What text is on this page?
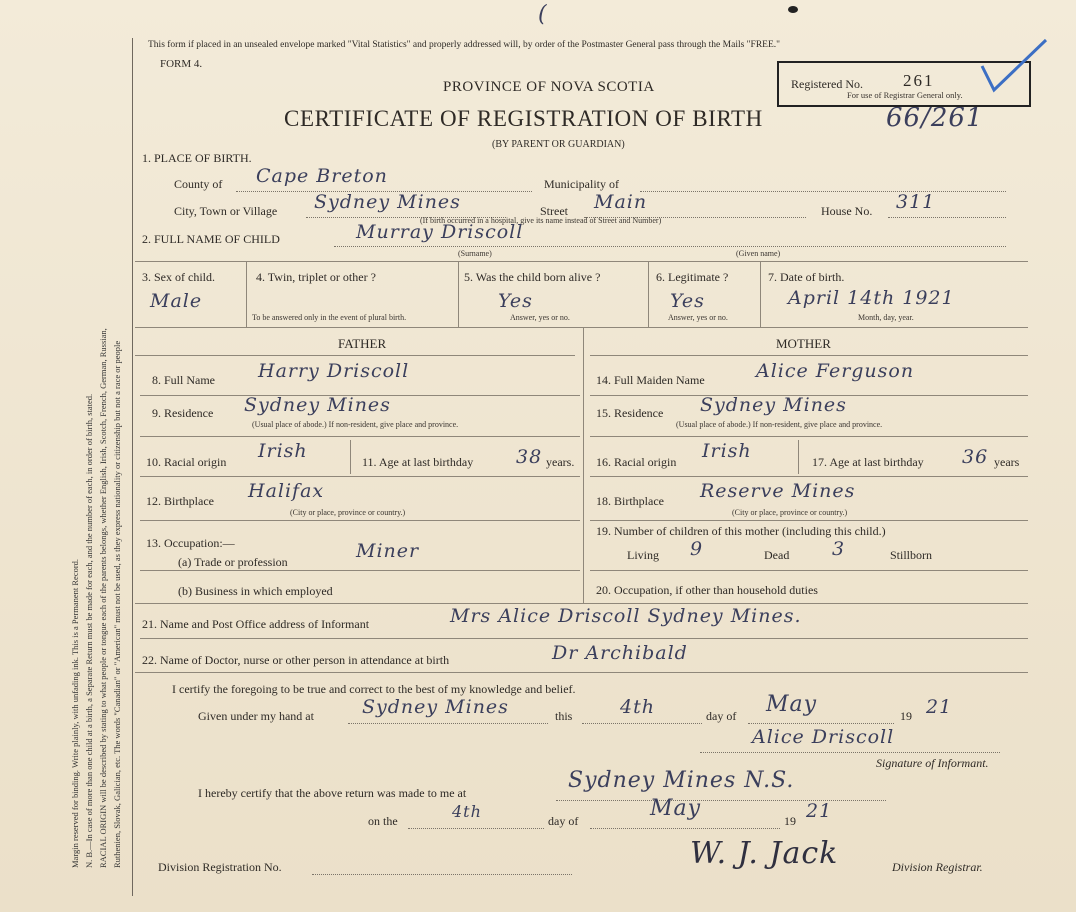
Margin reserved for binding. Write plainly, with unfading ink. This is a Permanent Record. N. B.—In case of more than one child at a birth, a Separate Return must be made for each, and the number of each, in order of birth, stated. RACIAL ORIGIN will be described by stating to what people or tongue each of the parents belongs, whether English, Irish, Scotch, French, German, Russian, Ruthenien, Slovak, Galician, etc. The words "Canadian" or "American" must not be used, as they express nationality or citizenship but not a race or people
(
This form if placed in an unsealed envelope marked "Vital Statistics" and properly addressed will, by order of the Postmaster General pass through the Mails "FREE."
FORM 4.
PROVINCE OF NOVA SCOTIA
CERTIFICATE OF REGISTRATION OF BIRTH
(BY PARENT OR GUARDIAN)
66/261
Registered No. 261
For use of Registrar General only.
1. PLACE OF BIRTH.
County of Cape Breton	Municipality of
City, Town or Village Sydney Mines	Street Main	House No. 311
(If birth occurred in a hospital, give its name instead of Street and Number)
2. FULL NAME OF CHILD	Murray Driscoll
(Surname)	(Given name)
3. Sex of child.
Male
4. Twin, triplet or other ?
To be answered only in the event of plural birth.
5. Was the child born alive ?
Yes
Answer, yes or no.
6. Legitimate ?
Yes
Answer, yes or no.
7. Date of birth.
April 14th 1921
Month, day, year.
FATHER	MOTHER
8. Full Name Harry Driscoll
9. Residence Sydney Mines
(Usual place of abode.) If non-resident, give place and province.
10. Racial origin Irish	11. Age at last birthday 38 years.
12. Birthplace Halifax
(City or place, province or country.)
13. Occupation:—
(a) Trade or profession	Miner
(b) Business in which employed
14. Full Maiden Name	Alice Ferguson
15. Residence Sydney Mines
(Usual place of abode.) If non-resident, give place and province.
16. Racial origin Irish	17. Age at last birthday 36 years
18. Birthplace Reserve Mines
(City or place, province or country.)
19. Number of children of this mother (including this child.)
Living 9	Dead 3	Stillborn
20. Occupation, if other than household duties
21. Name and Post Office address of Informant	Mrs Alice Driscoll Sydney Mines.
22. Name of Doctor, nurse or other person in attendance at birth	Dr Archibald
I certify the foregoing to be true and correct to the best of my knowledge and belief.
Given under my hand at	Sydney Mines	this	4th	day of May	19 21
Alice Driscoll
Signature of Informant.
I hereby certify that the above return was made to me at	Sydney Mines N.S.
on the	4th	day of	May	19 21
Division Registration No.	W. J. Jack	Division Registrar.
